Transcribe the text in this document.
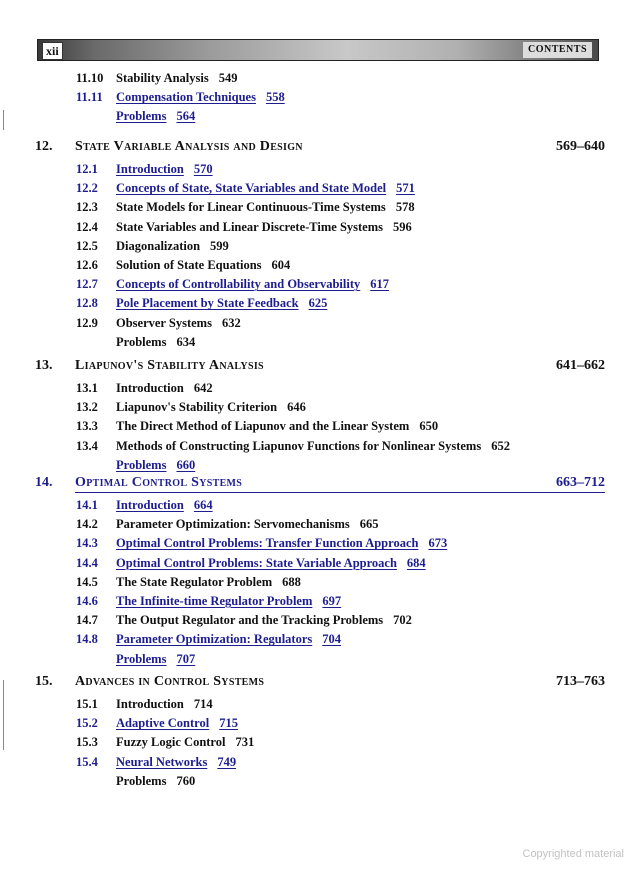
xii	CONTENTS
11.10 Stability Analysis 549
11.11 Compensation Techniques 558
Problems 564
12. State Variable Analysis and Design	569–640
12.1 Introduction 570
12.2 Concepts of State, State Variables and State Model 571
12.3 State Models for Linear Continuous-Time Systems 578
12.4 State Variables and Linear Discrete-Time Systems 596
12.5 Diagonalization 599
12.6 Solution of State Equations 604
12.7 Concepts of Controllability and Observability 617
12.8 Pole Placement by State Feedback 625
12.9 Observer Systems 632
Problems 634
13. Liapunov's Stability Analysis	641–662
13.1 Introduction 642
13.2 Liapunov's Stability Criterion 646
13.3 The Direct Method of Liapunov and the Linear System 650
13.4 Methods of Constructing Liapunov Functions for Nonlinear Systems 652
Problems 660
14. Optimal Control Systems	663–712
14.1 Introduction 664
14.2 Parameter Optimization: Servomechanisms 665
14.3 Optimal Control Problems: Transfer Function Approach 673
14.4 Optimal Control Problems: State Variable Approach 684
14.5 The State Regulator Problem 688
14.6 The Infinite-time Regulator Problem 697
14.7 The Output Regulator and the Tracking Problems 702
14.8 Parameter Optimization: Regulators 704
Problems 707
15. Advances in Control Systems	713–763
15.1 Introduction 714
15.2 Adaptive Control 715
15.3 Fuzzy Logic Control 731
15.4 Neural Networks 749
Problems 760
Copyrighted material
